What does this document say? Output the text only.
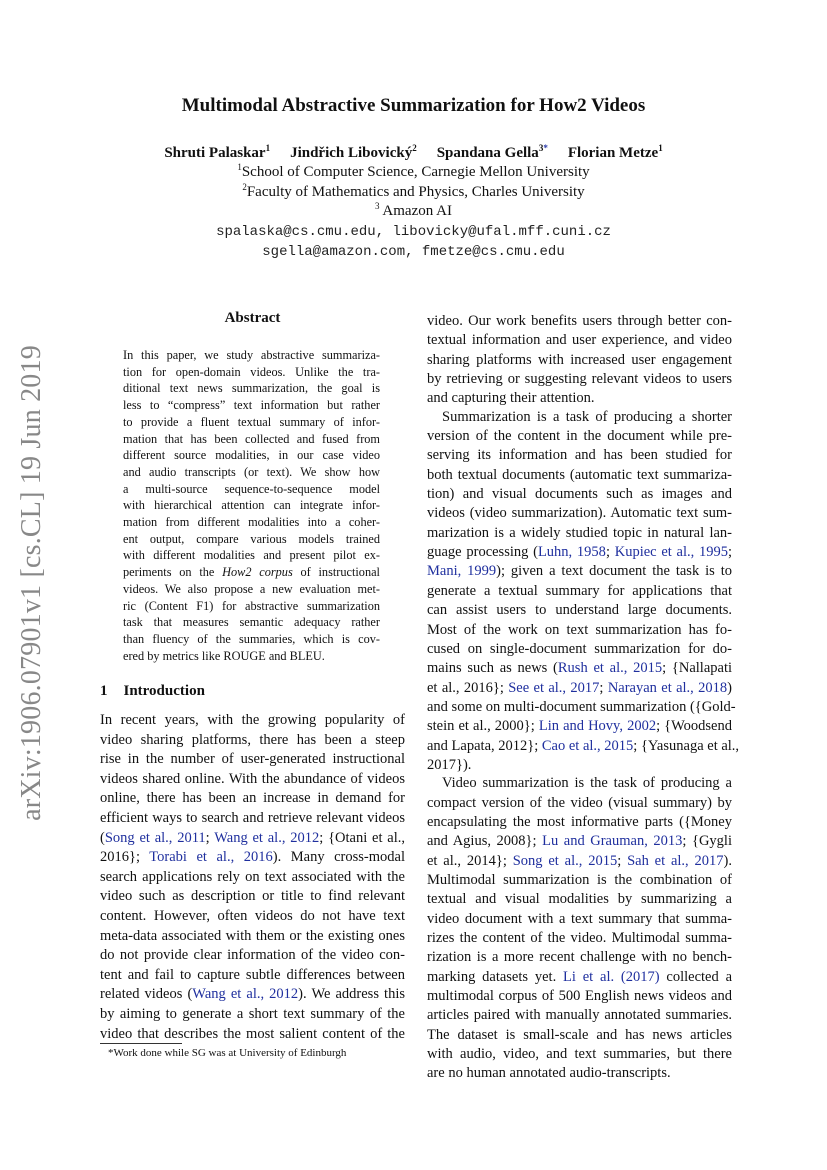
Multimodal Abstractive Summarization for How2 Videos
Shruti Palaskar$^1$ Jindřich Libovický$^2$ Spandana Gella$^{3*}$ Florian Metze$^1$
$^1$School of Computer Science, Carnegie Mellon University
$^2$Faculty of Mathematics and Physics, Charles University
$^3$ Amazon AI
spalaska@cs.cmu.edu, libovicky@ufal.mff.cuni.cz
sgella@amazon.com, fmetze@cs.cmu.edu
arXiv:1906.07901v1 [cs.CL] 19 Jun 2019
Abstract
In this paper, we study abstractive summariza-
tion for open-domain videos. Unlike the tra-
ditional text news summarization, the goal is
less to “compress” text information but rather
to provide a fluent textual summary of infor-
mation that has been collected and fused from
different source modalities, in our case video
and audio transcripts (or text). We show how
a multi-source sequence-to-sequence model
with hierarchical attention can integrate infor-
mation from different modalities into a coher-
ent output, compare various models trained
with different modalities and present pilot ex-
periments on the How2 corpus of instructional
videos. We also propose a new evaluation met-
ric (Content F1) for abstractive summarization
task that measures semantic adequacy rather
than fluency of the summaries, which is cov-
ered by metrics like ROUGE and BLEU.
1 Introduction
In recent years, with the growing popularity of
video sharing platforms, there has been a steep
rise in the number of user-generated instructional
videos shared online. With the abundance of videos
online, there has been an increase in demand for
efficient ways to search and retrieve relevant videos
(Song et al., 2011; Wang et al., 2012; {Otani et al.,
2016}; Torabi et al., 2016). Many cross-modal
search applications rely on text associated with the
video such as description or title to find relevant
content. However, often videos do not have text
meta-data associated with them or the existing ones
do not provide clear information of the video con-
tent and fail to capture subtle differences between
related videos (Wang et al., 2012). We address this
by aiming to generate a short text summary of the
video that describes the most salient content of the
video. Our work benefits users through better con-
textual information and user experience, and video
sharing platforms with increased user engagement
by retrieving or suggesting relevant videos to users
and capturing their attention.
Summarization is a task of producing a shorter
version of the content in the document while pre-
serving its information and has been studied for
both textual documents (automatic text summariza-
tion) and visual documents such as images and
videos (video summarization). Automatic text sum-
marization is a widely studied topic in natural lan-
guage processing (Luhn, 1958; Kupiec et al., 1995;
Mani, 1999); given a text document the task is to
generate a textual summary for applications that
can assist users to understand large documents.
Most of the work on text summarization has fo-
cused on single-document summarization for do-
mains such as news (Rush et al., 2015; {Nallapati
et al., 2016}; See et al., 2017; Narayan et al., 2018)
and some on multi-document summarization ({Gold-
stein et al., 2000}; Lin and Hovy, 2002; {Woodsend
and Lapata, 2012}; Cao et al., 2015; {Yasunaga et al.,
2017}).
Video summarization is the task of producing a
compact version of the video (visual summary) by
encapsulating the most informative parts ({Money
and Agius, 2008}; Lu and Grauman, 2013; {Gygli
et al., 2014}; Song et al., 2015; Sah et al., 2017).
Multimodal summarization is the combination of
textual and visual modalities by summarizing a
video document with a text summary that summa-
rizes the content of the video. Multimodal summa-
rization is a more recent challenge with no bench-
marking datasets yet. Li et al. (2017) collected a
multimodal corpus of 500 English news videos and
articles paired with manually annotated summaries.
The dataset is small-scale and has news articles
with audio, video, and text summaries, but there
are no human annotated audio-transcripts.
*Work done while SG was at University of Edinburgh
